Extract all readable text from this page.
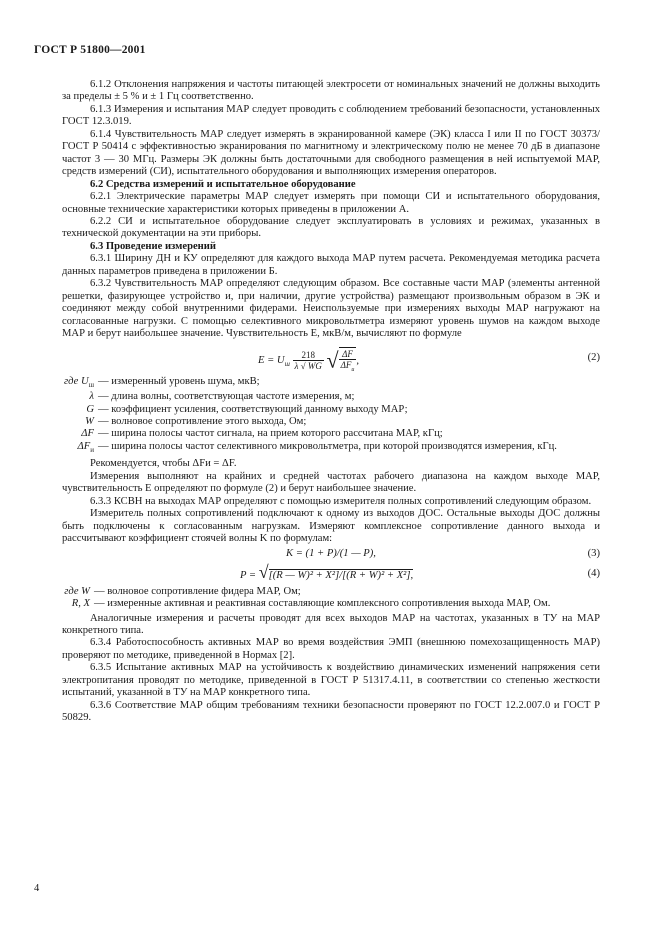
ГОСТ Р 51800—2001

6.1.2 Отклонения напряжения и частоты питающей электросети от номинальных значений не должны выходить за пределы ± 5 % и ± 1 Гц соответственно.

6.1.3 Измерения и испытания МАР следует проводить с соблюдением требований безопасности, установленных ГОСТ 12.3.019.

6.1.4 Чувствительность МАР следует измерять в экранированной камере (ЭК) класса I или II по ГОСТ 30373/ГОСТ Р 50414 с эффективностью экранирования по магнитному и электрическому полю не менее 70 дБ в диапазоне частот 3 — 30 МГц. Размеры ЭК должны быть достаточными для свободного размещения в ней испытуемой МАР, средств измерений (СИ), испытательного оборудования и выполняющих измерения операторов.

6.2 Средства измерений и испытательное оборудование

6.2.1 Электрические параметры МАР следует измерять при помощи СИ и испытательного оборудования, основные технические характеристики которых приведены в приложении А.

6.2.2 СИ и испытательное оборудование следует эксплуатировать в условиях и режимах, указанных в технической документации на эти приборы.

6.3 Проведение измерений

6.3.1 Ширину ДН и КУ определяют для каждого выхода МАР путем расчета. Рекомендуемая методика расчета данных параметров приведена в приложении Б.

6.3.2 Чувствительность МАР определяют следующим образом. Все составные части МАР (элементы антенной решетки, фазирующее устройство и, при наличии, другие устройства) размещают произвольным образом в ЭК и соединяют между собой внутренними фидерами. Неиспользуемые при измерениях выходы МАР нагружают на согласованные нагрузки. С помощью селективного микровольтметра измеряют уровень шумов на каждом выходе МАР и берут наибольшее значение. Чувствительность E, мкВ/м, вычисляют по формуле

$E = U_ш \frac{218}{\lambda √ WG}$ √ $\frac{\Delta F}{\Delta F_и}$ ,	(2)
где $U_ш$ — измеренный уровень шума, мкВ;
λ — длина волны, соответствующая частоте измерения, м;
G — коэффициент усиления, соответствующий данному выходу МАР;
W — волновое сопротивление этого выхода, Ом;
ΔF — ширина полосы частот сигнала, на прием которого рассчитана МАР, кГц;
$\Delta F_и$ — ширина полосы частот селективного микровольтметра, при которой производятся измерения, кГц.

Рекомендуется, чтобы ΔFи = ΔF.

Измерения выполняют на крайних и средней частотах рабочего диапазона на каждом выходе МАР, чувствительность E определяют по формуле (2) и берут наибольшее значение.

6.3.3 КСВН на выходах МАР определяют с помощью измерителя полных сопротивлений следующим образом.

Измеритель полных сопротивлений подключают к одному из выходов ДОС. Остальные выходы ДОС должны быть подключены к согласованным нагрузкам. Измеряют комплексное сопротивление данного выхода и рассчитывают коэффициент стоячей волны K по формулам:

K = (1 + P)/(1 — P),	(3)
P = √[(R — W)² + X²]/[(R + W)² + X²],	(4)
где W — волновое сопротивление фидера МАР, Ом;
R, X — измеренные активная и реактивная составляющие комплексного сопротивления выхода МАР, Ом.

Аналогичные измерения и расчеты проводят для всех выходов МАР на частотах, указанных в ТУ на МАР конкретного типа.

6.3.4 Работоспособность активных МАР во время воздействия ЭМП (внешнюю помехозащищенность МАР) проверяют по методике, приведенной в Нормах [2].

6.3.5 Испытание активных МАР на устойчивость к воздействию динамических изменений напряжения сети электропитания проводят по методике, приведенной в ГОСТ Р 51317.4.11, в соответствии со степенью жесткости испытаний, указанной в ТУ на МАР конкретного типа.

6.3.6 Соответствие МАР общим требованиям техники безопасности проверяют по ГОСТ 12.2.007.0 и ГОСТ Р 50829.

4
